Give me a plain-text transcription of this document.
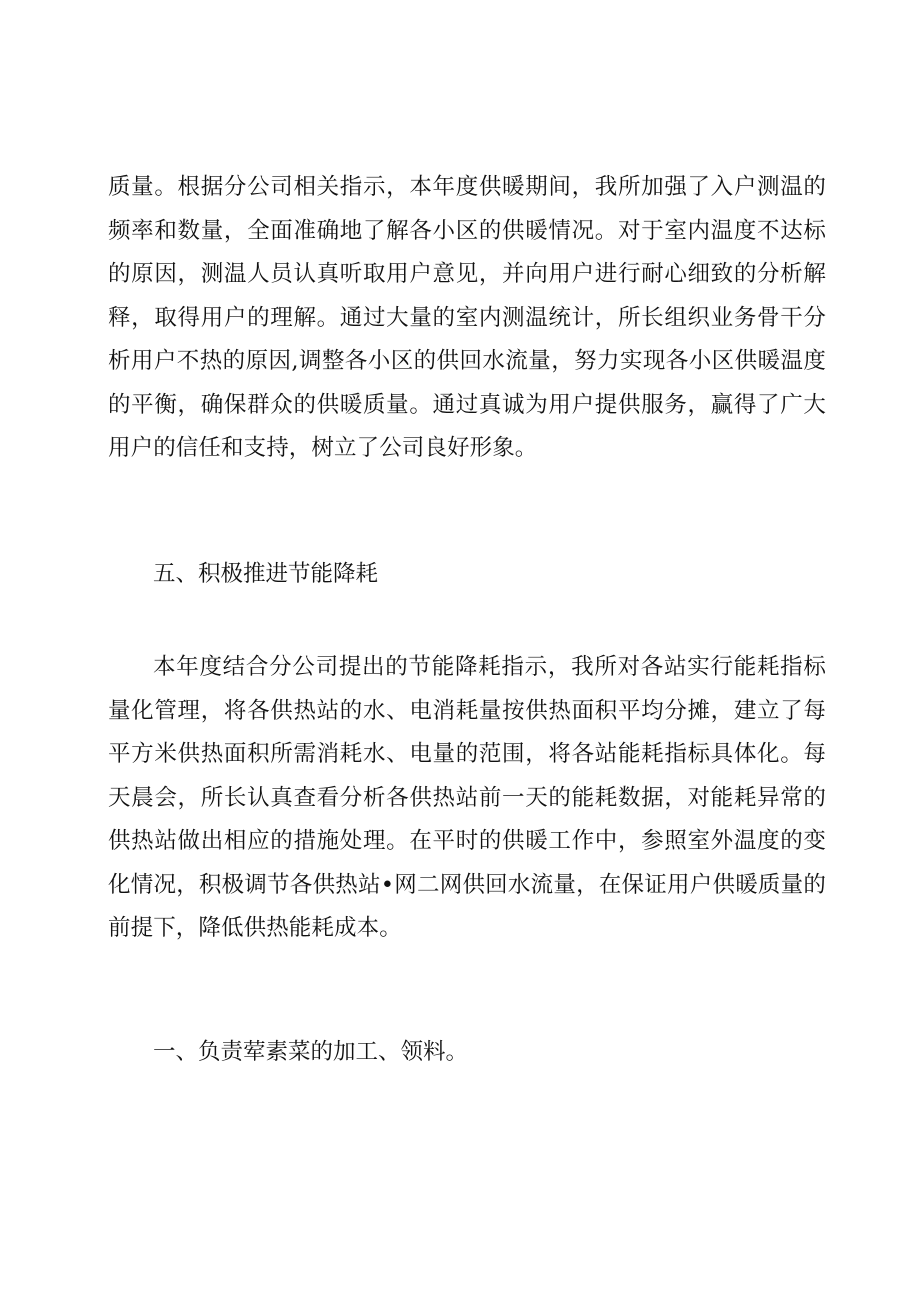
质量。根据分公司相关指示，本年度供暖期间，我所加强了入户测温的频率和数量，全面准确地了解各小区的供暖情况。对于室内温度不达标的原因，测温人员认真听取用户意见，并向用户进行耐心细致的分析解释，取得用户的理解。通过大量的室内测温统计，所长组织业务骨干分析用户不热的原因,调整各小区的供回水流量，努力实现各小区供暖温度的平衡，确保群众的供暖质量。通过真诚为用户提供服务，赢得了广大用户的信任和支持，树立了公司良好形象。

五、积极推进节能降耗

本年度结合分公司提出的节能降耗指示，我所对各站实行能耗指标量化管理，将各供热站的水、电消耗量按供热面积平均分摊，建立了每平方米供热面积所需消耗水、电量的范围，将各站能耗指标具体化。每天晨会，所长认真查看分析各供热站前一天的能耗数据，对能耗异常的供热站做出相应的措施处理。在平时的供暖工作中，参照室外温度的变化情况，积极调节各供热站•网二网供回水流量，在保证用户供暖质量的前提下，降低供热能耗成本。

一、负责荤素菜的加工、领料。
